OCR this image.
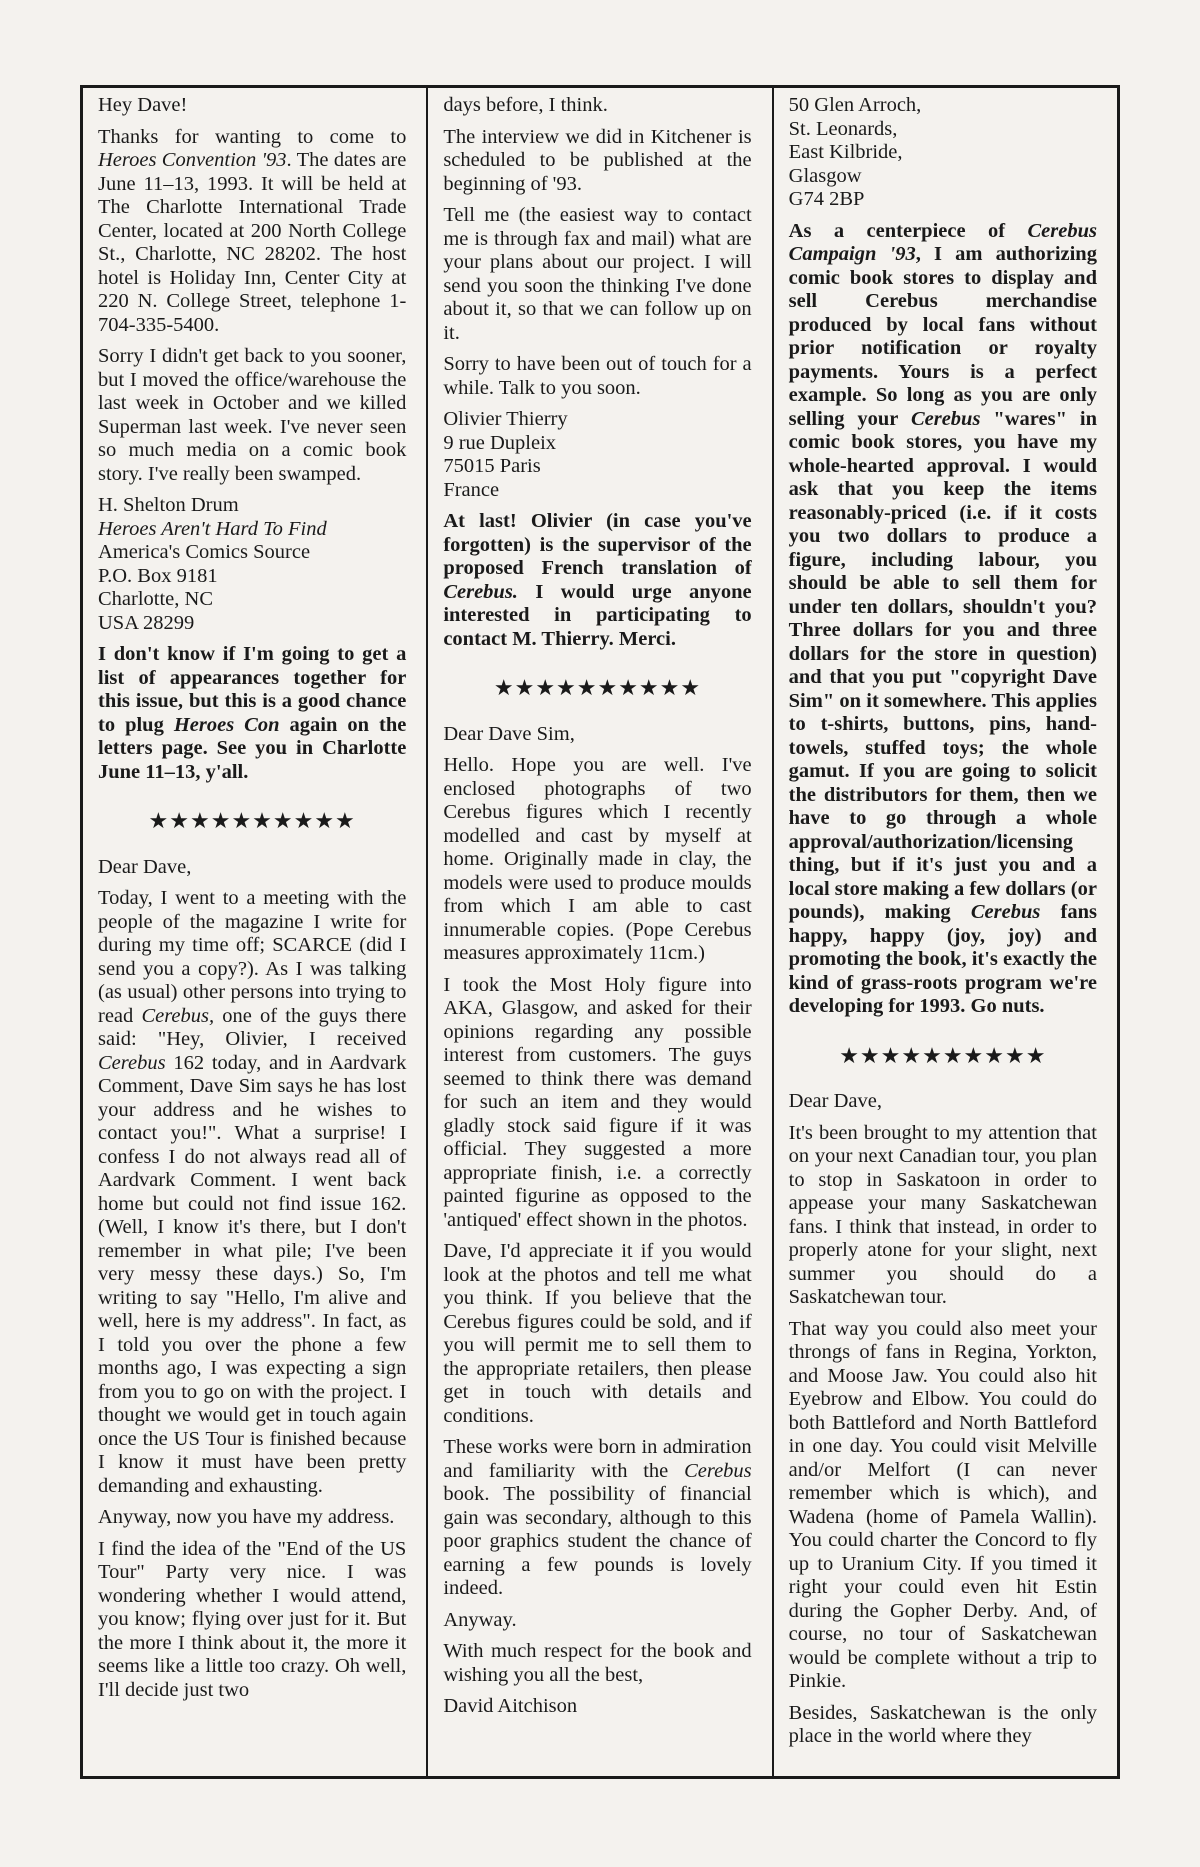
Hey Dave!

Thanks for wanting to come to Heroes Convention '93. The dates are June 11–13, 1993. It will be held at The Charlotte International Trade Center, located at 200 North College St., Charlotte, NC 28202. The host hotel is Holiday Inn, Center City at 220 N. College Street, telephone 1-704-335-5400.

Sorry I didn't get back to you sooner, but I moved the office/warehouse the last week in October and we killed Superman last week. I've never seen so much media on a comic book story. I've really been swamped.

H. Shelton Drum
Heroes Aren't Hard To Find
America's Comics Source
P.O. Box 9181
Charlotte, NC
USA 28299

I don't know if I'm going to get a list of appearances together for this issue, but this is a good chance to plug Heroes Con again on the letters page. See you in Charlotte June 11–13, y'all.

★★★★★★★★★★

Dear Dave,

Today, I went to a meeting with the people of the magazine I write for during my time off; SCARCE (did I send you a copy?). As I was talking (as usual) other persons into trying to read Cerebus, one of the guys there said: "Hey, Olivier, I received Cerebus 162 today, and in Aardvark Comment, Dave Sim says he has lost your address and he wishes to contact you!". What a surprise! I confess I do not always read all of Aardvark Comment. I went back home but could not find issue 162. (Well, I know it's there, but I don't remember in what pile; I've been very messy these days.) So, I'm writing to say "Hello, I'm alive and well, here is my address". In fact, as I told you over the phone a few months ago, I was expecting a sign from you to go on with the project. I thought we would get in touch again once the US Tour is finished because I know it must have been pretty demanding and exhausting.

Anyway, now you have my address.

I find the idea of the "End of the US Tour" Party very nice. I was wondering whether I would attend, you know; flying over just for it. But the more I think about it, the more it seems like a little too crazy. Oh well, I'll decide just two

days before, I think.

The interview we did in Kitchener is scheduled to be published at the beginning of '93.

Tell me (the easiest way to contact me is through fax and mail) what are your plans about our project. I will send you soon the thinking I've done about it, so that we can follow up on it.

Sorry to have been out of touch for a while. Talk to you soon.

Olivier Thierry
9 rue Dupleix
75015 Paris
France

At last! Olivier (in case you've forgotten) is the supervisor of the proposed French translation of Cerebus. I would urge anyone interested in participating to contact M. Thierry. Merci.

★★★★★★★★★★

Dear Dave Sim,

Hello. Hope you are well. I've enclosed photographs of two Cerebus figures which I recently modelled and cast by myself at home. Originally made in clay, the models were used to produce moulds from which I am able to cast innumerable copies. (Pope Cerebus measures approximately 11cm.)

I took the Most Holy figure into AKA, Glasgow, and asked for their opinions regarding any possible interest from customers. The guys seemed to think there was demand for such an item and they would gladly stock said figure if it was official. They suggested a more appropriate finish, i.e. a correctly painted figurine as opposed to the 'antiqued' effect shown in the photos.

Dave, I'd appreciate it if you would look at the photos and tell me what you think. If you believe that the Cerebus figures could be sold, and if you will permit me to sell them to the appropriate retailers, then please get in touch with details and conditions.

These works were born in admiration and familiarity with the Cerebus book. The possibility of financial gain was secondary, although to this poor graphics student the chance of earning a few pounds is lovely indeed.

Anyway.

With much respect for the book and wishing you all the best,

David Aitchison

50 Glen Arroch,
St. Leonards,
East Kilbride,
Glasgow
G74 2BP

As a centerpiece of Cerebus Campaign '93, I am authorizing comic book stores to display and sell Cerebus merchandise produced by local fans without prior notification or royalty payments. Yours is a perfect example. So long as you are only selling your Cerebus "wares" in comic book stores, you have my whole-hearted approval. I would ask that you keep the items reasonably-priced (i.e. if it costs you two dollars to produce a figure, including labour, you should be able to sell them for under ten dollars, shouldn't you? Three dollars for you and three dollars for the store in question) and that you put "copyright Dave Sim" on it somewhere. This applies to t-shirts, buttons, pins, hand-towels, stuffed toys; the whole gamut. If you are going to solicit the distributors for them, then we have to go through a whole approval/authorization/licensing thing, but if it's just you and a local store making a few dollars (or pounds), making Cerebus fans happy, happy (joy, joy) and promoting the book, it's exactly the kind of grass-roots program we're developing for 1993. Go nuts.

★★★★★★★★★★

Dear Dave,

It's been brought to my attention that on your next Canadian tour, you plan to stop in Saskatoon in order to appease your many Saskatchewan fans. I think that instead, in order to properly atone for your slight, next summer you should do a Saskatchewan tour.

That way you could also meet your throngs of fans in Regina, Yorkton, and Moose Jaw. You could also hit Eyebrow and Elbow. You could do both Battleford and North Battleford in one day. You could visit Melville and/or Melfort (I can never remember which is which), and Wadena (home of Pamela Wallin). You could charter the Concord to fly up to Uranium City. If you timed it right your could even hit Estin during the Gopher Derby. And, of course, no tour of Saskatchewan would be complete without a trip to Pinkie.

Besides, Saskatchewan is the only place in the world where they
